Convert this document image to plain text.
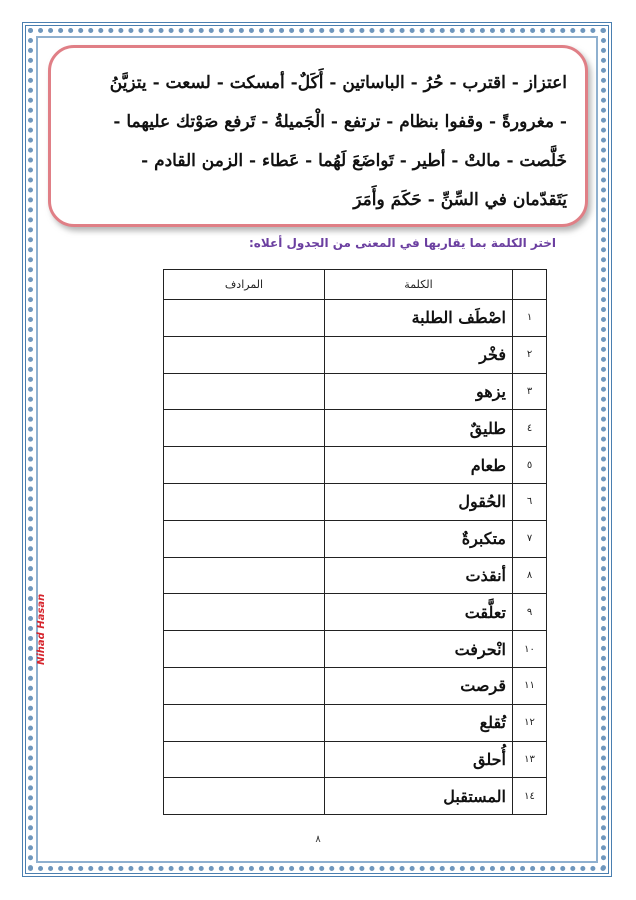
اعتزاز - اقترب - حُرُ - الباساتين - أَكَلٌ- أمسكت - لسعت - يتزيَّنُ
- مغرورةً - وقفوا بنظام - ترتفع - الْجَميلةُ - تَرفع صَوْتك عليهما -
خَلَّصت - مالتْ - أطير - تَواضَعَ لَهُما - عَطاء - الزمن القادم -
يَتَقدّمان في السِّنِّ - حَكَمَ وأَمَرَ
اختر الكلمة بما يقاربها في المعنى من الجدول أعلاه:
	الكلمة	المرادف
١	اصْطَف الطلبة	
٢	فخْر	
٣	يزهو	
٤	طليقٌ	
٥	طعام	
٦	الحُقول	
٧	متكبرةٌ	
٨	أنقذت	
٩	تعلَّقت	
١٠	انْحرفت	
١١	قرصت	
١٢	تُقلع	
١٣	أُحلق	
١٤	المستقبل	
Nihad Hasan
٨
